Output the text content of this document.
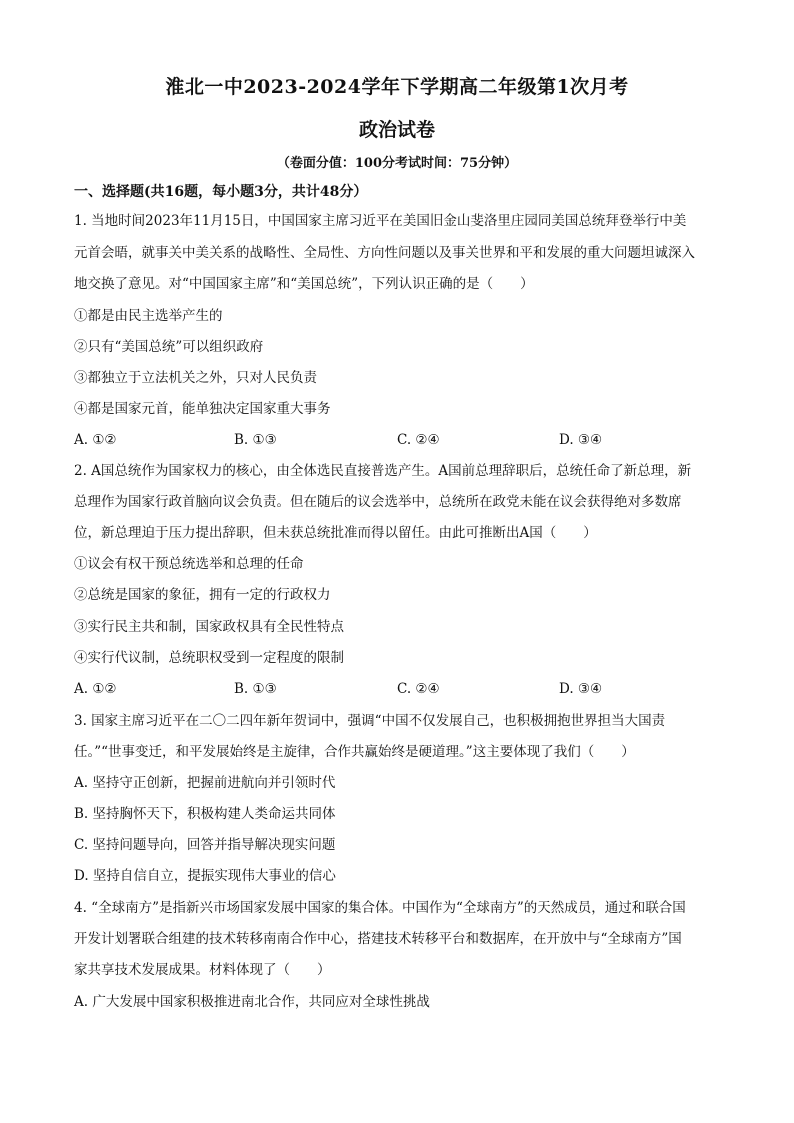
淮北一中2023-2024学年下学期高二年级第1次月考
政治试卷
（卷面分值：100分考试时间：75分钟）
一、选择题(共16题，每小题3分，共计48分）
1. 当地时间2023年11月15日，中国国家主席习近平在美国旧金山斐洛里庄园同美国总统拜登举行中美
元首会晤，就事关中美关系的战略性、全局性、方向性问题以及事关世界和平和发展的重大问题坦诚深入
地交换了意见。对“中国国家主席”和“美国总统”，下列认识正确的是（　　）
①都是由民主选举产生的
②只有“美国总统”可以组织政府
③都独立于立法机关之外，只对人民负责
④都是国家元首，能单独决定国家重大事务
A. ①②	B. ①③	C. ②④	D. ③④
2. A国总统作为国家权力的核心，由全体选民直接普选产生。A国前总理辞职后，总统任命了新总理，新
总理作为国家行政首脑向议会负责。但在随后的议会选举中，总统所在政党未能在议会获得绝对多数席
位，新总理迫于压力提出辞职，但未获总统批准而得以留任。由此可推断出A国（　　）
①议会有权干预总统选举和总理的任命
②总统是国家的象征，拥有一定的行政权力
③实行民主共和制，国家政权具有全民性特点
④实行代议制，总统职权受到一定程度的限制
A. ①②	B. ①③	C. ②④	D. ③④
3. 国家主席习近平在二〇二四年新年贺词中，强调“中国不仅发展自己，也积极拥抱世界担当大国责
任。”“世事变迁，和平发展始终是主旋律，合作共赢始终是硬道理。”这主要体现了我们（　　）
A. 坚持守正创新，把握前进航向并引领时代
B. 坚持胸怀天下，积极构建人类命运共同体
C. 坚持问题导向，回答并指导解决现实问题
D. 坚持自信自立，提振实现伟大事业的信心
4. “全球南方”是指新兴市场国家发展中国家的集合体。中国作为“全球南方”的天然成员，通过和联合国
开发计划署联合组建的技术转移南南合作中心，搭建技术转移平台和数据库，在开放中与“全球南方”国
家共享技术发展成果。材料体现了（　　）
A. 广大发展中国家积极推进南北合作，共同应对全球性挑战
